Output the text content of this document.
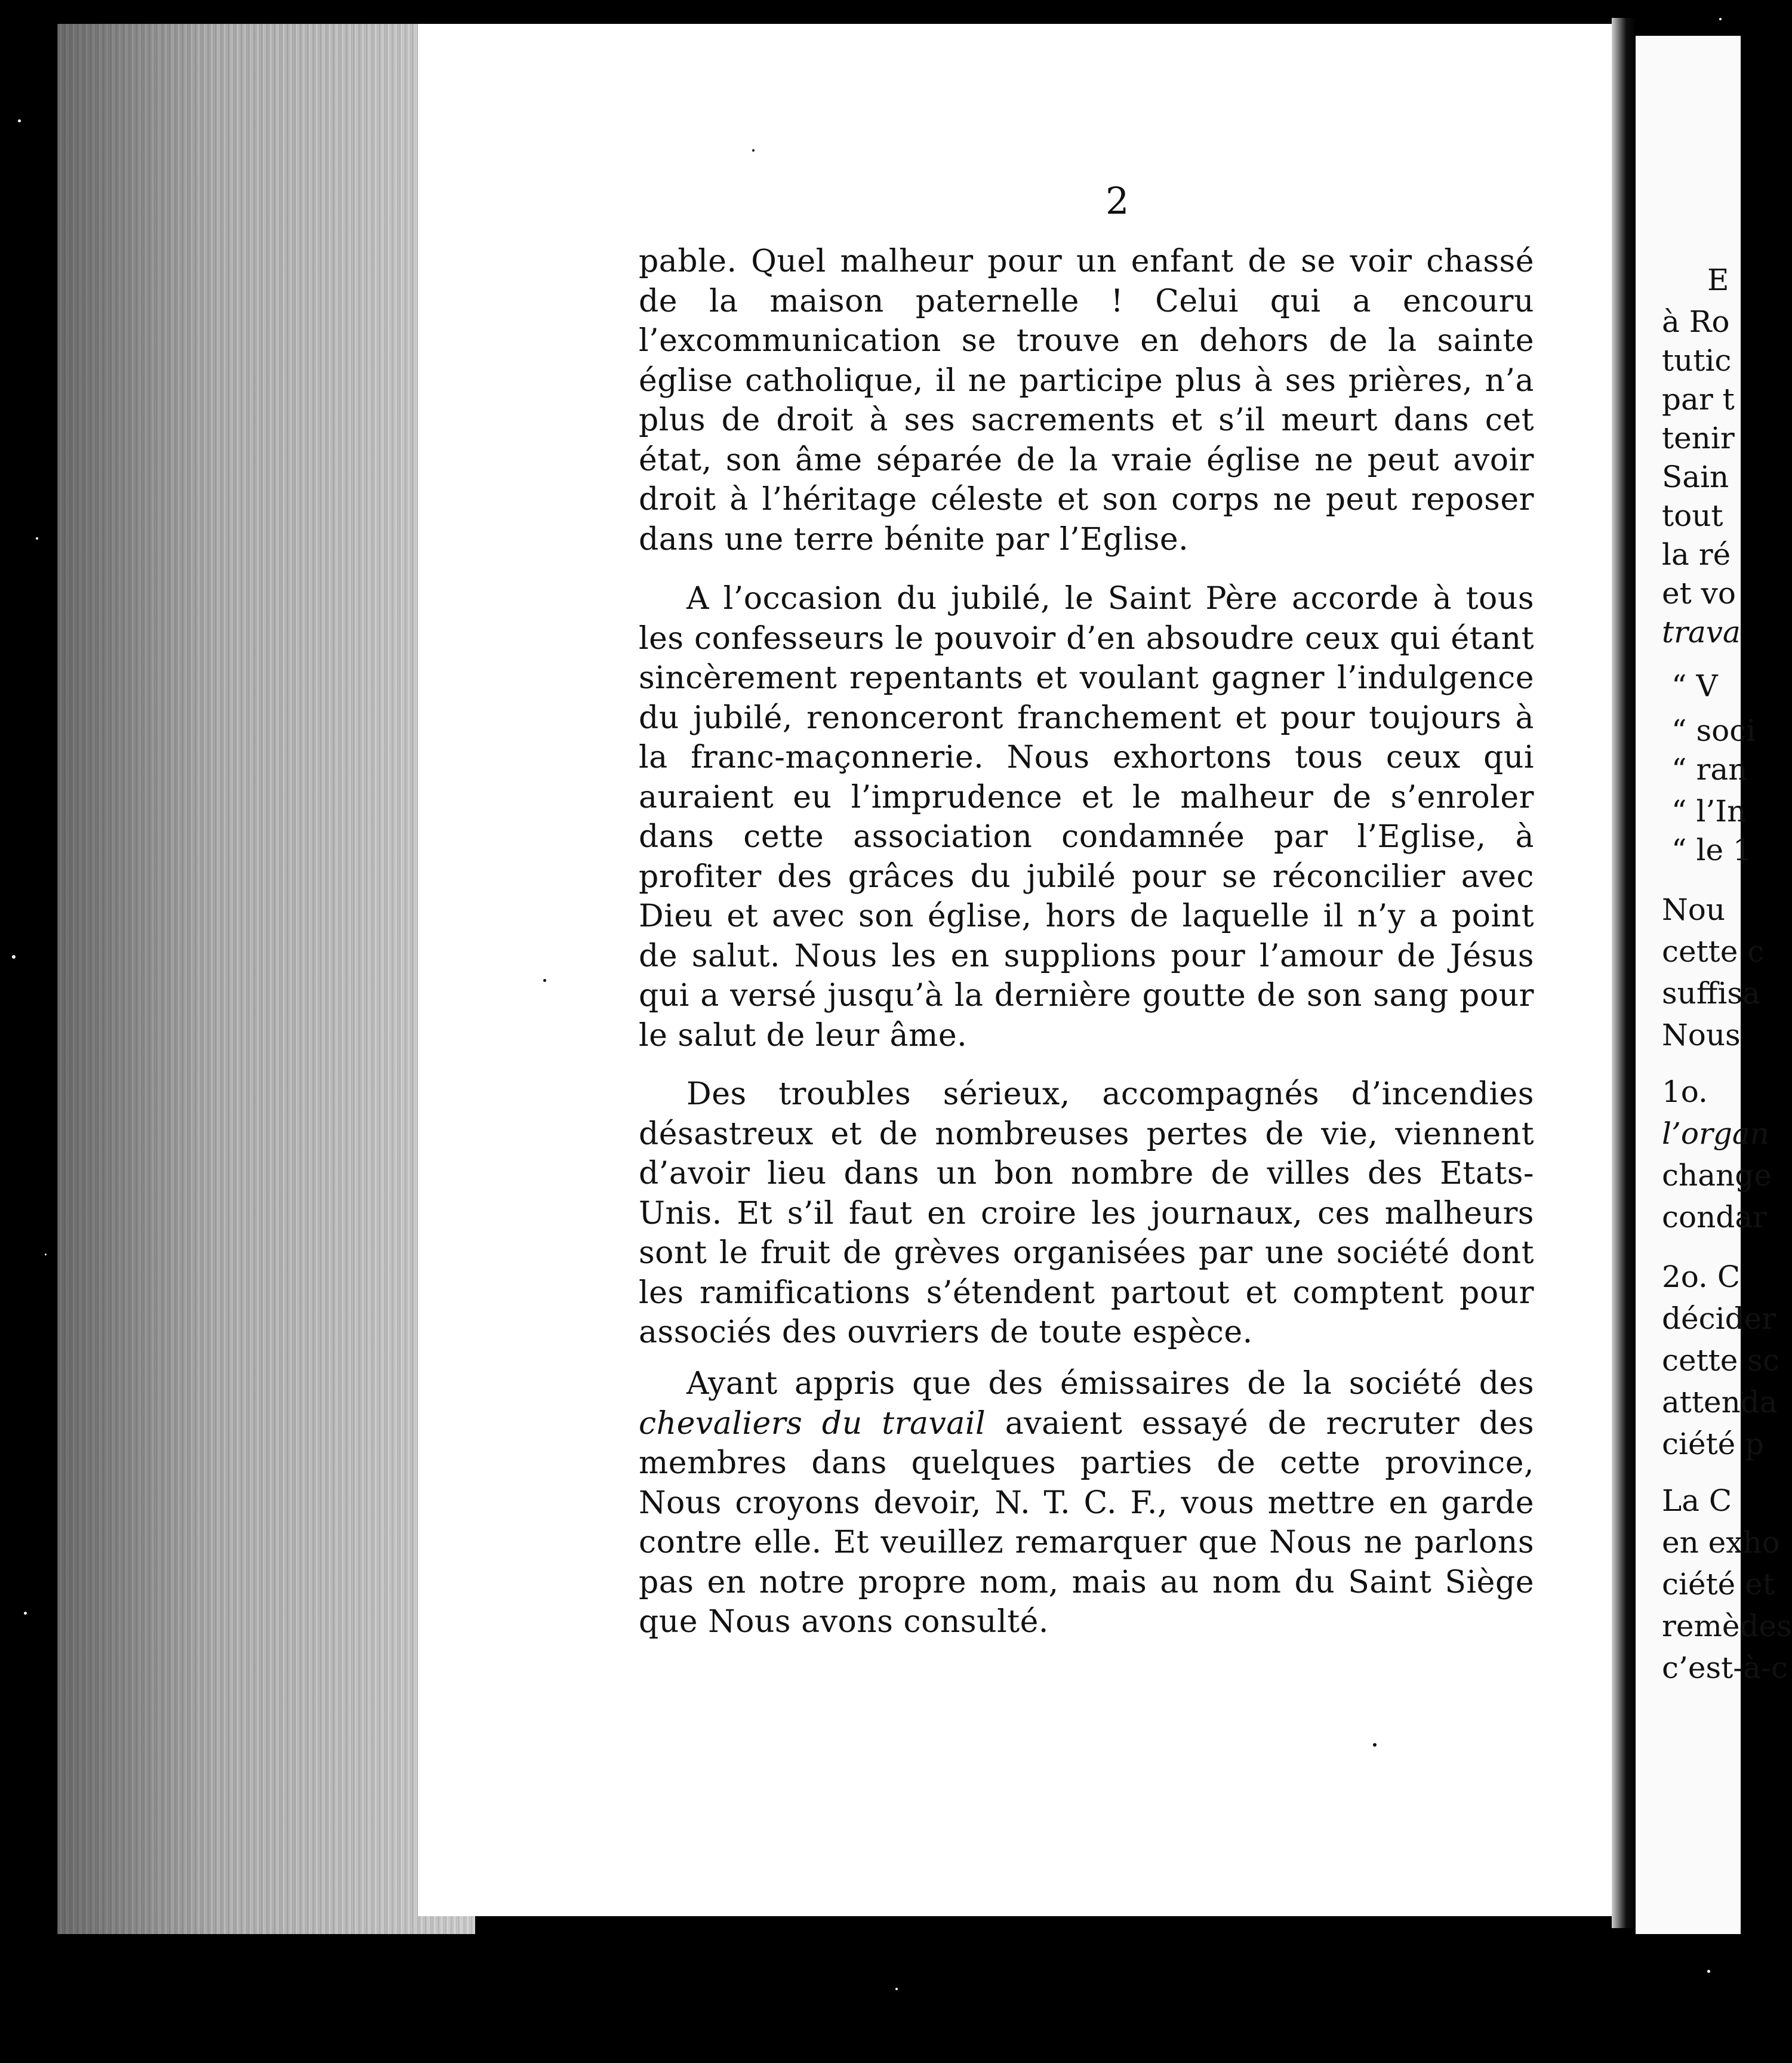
2

pable. Quel malheur pour un enfant de se voir chassé de la maison paternelle ! Celui qui a encouru l’excommunication se trouve en dehors de la sainte église catholique, il ne participe plus à ses prières, n’a plus de droit à ses sacrements et s’il meurt dans cet état, son âme séparée de la vraie église ne peut avoir droit à l’héritage céleste et son corps ne peut reposer dans une terre bénite par l’Eglise.

A l’occasion du jubilé, le Saint Père accorde à tous les confesseurs le pouvoir d’en absoudre ceux qui étant sincèrement repentants et voulant gagner l’indulgence du jubilé, renonceront franchement et pour toujours à la franc-maçonnerie. Nous exhortons tous ceux qui auraient eu l’imprudence et le malheur de s’enroler dans cette association condamnée par l’Eglise, à profiter des grâces du jubilé pour se réconcilier avec Dieu et avec son église, hors de laquelle il n’y a point de salut. Nous les en supplions pour l’amour de Jésus qui a versé jusqu’à la dernière goutte de son sang pour le salut de leur âme.

Des troubles sérieux, accompagnés d’incendies désastreux et de nombreuses pertes de vie, viennent d’avoir lieu dans un bon nombre de villes des Etats-Unis. Et s’il faut en croire les journaux, ces malheurs sont le fruit de grèves organisées par une société dont les ramifications s’étendent partout et comptent pour associés des ouvriers de toute espèce.

Ayant appris que des émissaires de la société des chevaliers du travail avaient essayé de recruter des membres dans quelques parties de cette province, Nous croyons devoir, N. T. C. F., vous mettre en garde contre elle. Et veuillez remarquer que Nous ne parlons pas en notre propre nom, mais au nom du Saint Siège que Nous avons consulté.

E

à Ro

tutic

par t

tenir

Sain

tout

la ré

et vo

trava

“ V

“ soci

“ ran

“ l’In

“ le 1

Nou

cette c

suffisa

Nous

1o.

l’organ

change

condar

2o. C

décider

cette sc

attenda

ciété p

La C

en exho

ciété et

remèdes

c’est-à-c
